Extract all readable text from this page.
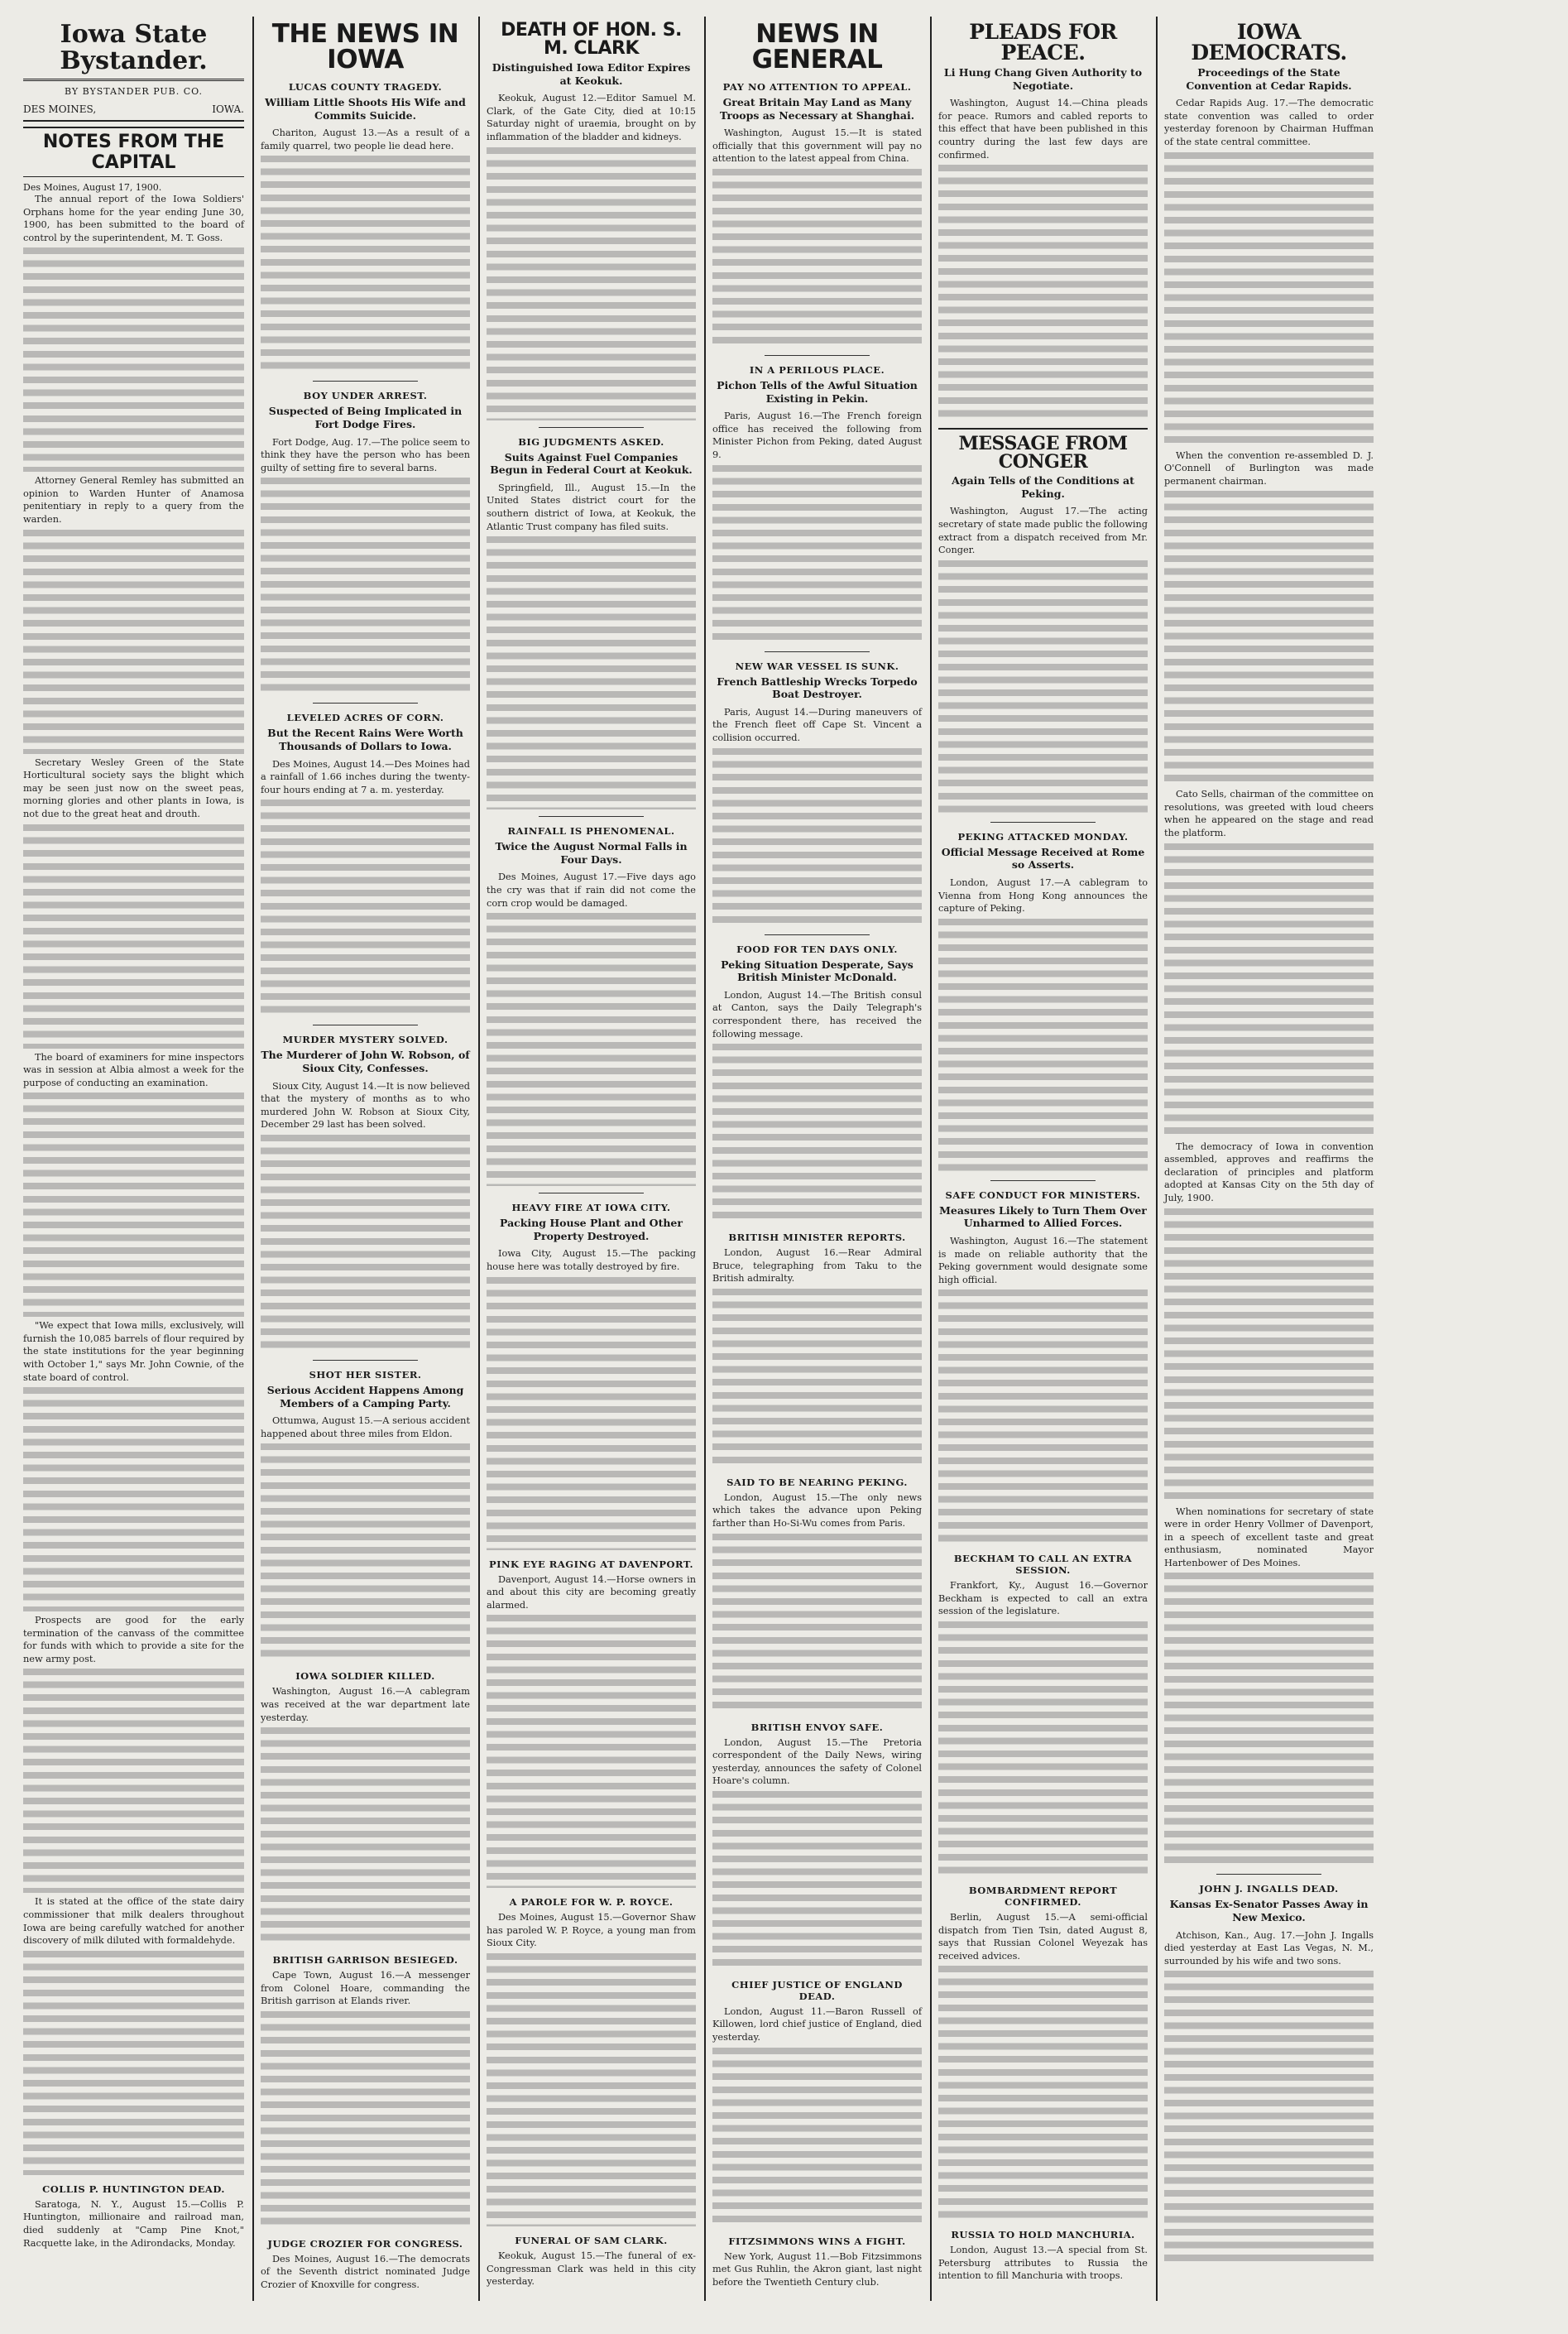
Iowa State Bystander.
BY BYSTANDER PUB. CO.
DES MOINES,	IOWA.
NOTES FROM THE CAPITAL
Des Moines, August 17, 1900.

The annual report of the Iowa Soldiers' Orphans home for the year ending June 30, 1900, has been submitted to the board of control by the superintendent, M. T. Goss.

Attorney General Remley has submitted an opinion to Warden Hunter of Anamosa penitentiary in reply to a query from the warden.

Secretary Wesley Green of the State Horticultural society says the blight which may be seen just now on the sweet peas, morning glories and other plants in Iowa, is not due to the great heat and drouth.

The board of examiners for mine inspectors was in session at Albia almost a week for the purpose of conducting an examination.

"We expect that Iowa mills, exclusively, will furnish the 10,085 barrels of flour required by the state institutions for the year beginning with October 1," says Mr. John Cownie, of the state board of control.

Prospects are good for the early termination of the canvass of the committee for funds with which to provide a site for the new army post.

It is stated at the office of the state dairy commissioner that milk dealers throughout Iowa are being carefully watched for another discovery of milk diluted with formaldehyde.

COLLIS P. HUNTINGTON DEAD.

Saratoga, N. Y., August 15.—Collis P. Huntington, millionaire and railroad man, died suddenly at "Camp Pine Knot," Racquette lake, in the Adirondacks, Monday.

THE NEWS IN IOWA
LUCAS COUNTY TRAGEDY.
William Little Shoots His Wife and Commits Suicide.

Chariton, August 13.—As a result of a family quarrel, two people lie dead here.

BOY UNDER ARREST.
Suspected of Being Implicated in Fort Dodge Fires.

Fort Dodge, Aug. 17.—The police seem to think they have the person who has been guilty of setting fire to several barns.

LEVELED ACRES OF CORN.
But the Recent Rains Were Worth Thousands of Dollars to Iowa.

Des Moines, August 14.—Des Moines had a rainfall of 1.66 inches during the twenty-four hours ending at 7 a. m. yesterday.

MURDER MYSTERY SOLVED.
The Murderer of John W. Robson, of Sioux City, Confesses.

Sioux City, August 14.—It is now believed that the mystery of months as to who murdered John W. Robson at Sioux City, December 29 last has been solved.

SHOT HER SISTER.
Serious Accident Happens Among Members of a Camping Party.

Ottumwa, August 15.—A serious accident happened about three miles from Eldon.

IOWA SOLDIER KILLED.

Washington, August 16.—A cablegram was received at the war department late yesterday.

BRITISH GARRISON BESIEGED.

Cape Town, August 16.—A messenger from Colonel Hoare, commanding the British garrison at Elands river.

JUDGE CROZIER FOR CONGRESS.

Des Moines, August 16.—The democrats of the Seventh district nominated Judge Crozier of Knoxville for congress.

DEATH OF HON. S. M. CLARK
Distinguished Iowa Editor Expires at Keokuk.

Keokuk, August 12.—Editor Samuel M. Clark, of the Gate City, died at 10:15 Saturday night of uraemia, brought on by inflammation of the bladder and kidneys.

BIG JUDGMENTS ASKED.
Suits Against Fuel Companies Begun in Federal Court at Keokuk.

Springfield, Ill., August 15.—In the United States district court for the southern district of Iowa, at Keokuk, the Atlantic Trust company has filed suits.

RAINFALL IS PHENOMENAL.
Twice the August Normal Falls in Four Days.

Des Moines, August 17.—Five days ago the cry was that if rain did not come the corn crop would be damaged.

HEAVY FIRE AT IOWA CITY.
Packing House Plant and Other Property Destroyed.

Iowa City, August 15.—The packing house here was totally destroyed by fire.

PINK EYE RAGING AT DAVENPORT.

Davenport, August 14.—Horse owners in and about this city are becoming greatly alarmed.

A PAROLE FOR W. P. ROYCE.

Des Moines, August 15.—Governor Shaw has paroled W. P. Royce, a young man from Sioux City.

FUNERAL OF SAM CLARK.

Keokuk, August 15.—The funeral of ex-Congressman Clark was held in this city yesterday.

NEWS IN GENERAL
PAY NO ATTENTION TO APPEAL.
Great Britain May Land as Many Troops as Necessary at Shanghai.

Washington, August 15.—It is stated officially that this government will pay no attention to the latest appeal from China.

IN A PERILOUS PLACE.
Pichon Tells of the Awful Situation Existing in Pekin.

Paris, August 16.—The French foreign office has received the following from Minister Pichon from Peking, dated August 9.

NEW WAR VESSEL IS SUNK.
French Battleship Wrecks Torpedo Boat Destroyer.

Paris, August 14.—During maneuvers of the French fleet off Cape St. Vincent a collision occurred.

FOOD FOR TEN DAYS ONLY.
Peking Situation Desperate, Says British Minister McDonald.

London, August 14.—The British consul at Canton, says the Daily Telegraph's correspondent there, has received the following message.

BRITISH MINISTER REPORTS.

London, August 16.—Rear Admiral Bruce, telegraphing from Taku to the British admiralty.

SAID TO BE NEARING PEKING.

London, August 15.—The only news which takes the advance upon Peking farther than Ho-Si-Wu comes from Paris.

BRITISH ENVOY SAFE.

London, August 15.—The Pretoria correspondent of the Daily News, wiring yesterday, announces the safety of Colonel Hoare's column.

CHIEF JUSTICE OF ENGLAND DEAD.

London, August 11.—Baron Russell of Killowen, lord chief justice of England, died yesterday.

FITZSIMMONS WINS A FIGHT.

New York, August 11.—Bob Fitzsimmons met Gus Ruhlin, the Akron giant, last night before the Twentieth Century club.

PLEADS FOR PEACE.
Li Hung Chang Given Authority to Negotiate.

Washington, August 14.—China pleads for peace. Rumors and cabled reports to this effect that have been published in this country during the last few days are confirmed.

MESSAGE FROM CONGER
Again Tells of the Conditions at Peking.

Washington, August 17.—The acting secretary of state made public the following extract from a dispatch received from Mr. Conger.

PEKING ATTACKED MONDAY.
Official Message Received at Rome so Asserts.

London, August 17.—A cablegram to Vienna from Hong Kong announces the capture of Peking.

SAFE CONDUCT FOR MINISTERS.
Measures Likely to Turn Them Over Unharmed to Allied Forces.

Washington, August 16.—The statement is made on reliable authority that the Peking government would designate some high official.

BECKHAM TO CALL AN EXTRA SESSION.

Frankfort, Ky., August 16.—Governor Beckham is expected to call an extra session of the legislature.

BOMBARDMENT REPORT CONFIRMED.

Berlin, August 15.—A semi-official dispatch from Tien Tsin, dated August 8, says that Russian Colonel Weyezak has received advices.

RUSSIA TO HOLD MANCHURIA.

London, August 13.—A special from St. Petersburg attributes to Russia the intention to fill Manchuria with troops.

IOWA DEMOCRATS.
Proceedings of the State Convention at Cedar Rapids.

Cedar Rapids Aug. 17.—The democratic state convention was called to order yesterday forenoon by Chairman Huffman of the state central committee.

When the convention re-assembled D. J. O'Connell of Burlington was made permanent chairman.

Cato Sells, chairman of the committee on resolutions, was greeted with loud cheers when he appeared on the stage and read the platform.

The democracy of Iowa in convention assembled, approves and reaffirms the declaration of principles and platform adopted at Kansas City on the 5th day of July, 1900.

When nominations for secretary of state were in order Henry Vollmer of Davenport, in a speech of excellent taste and great enthusiasm, nominated Mayor Hartenbower of Des Moines.

JOHN J. INGALLS DEAD.
Kansas Ex-Senator Passes Away in New Mexico.

Atchison, Kan., Aug. 17.—John J. Ingalls died yesterday at East Las Vegas, N. M., surrounded by his wife and two sons.
